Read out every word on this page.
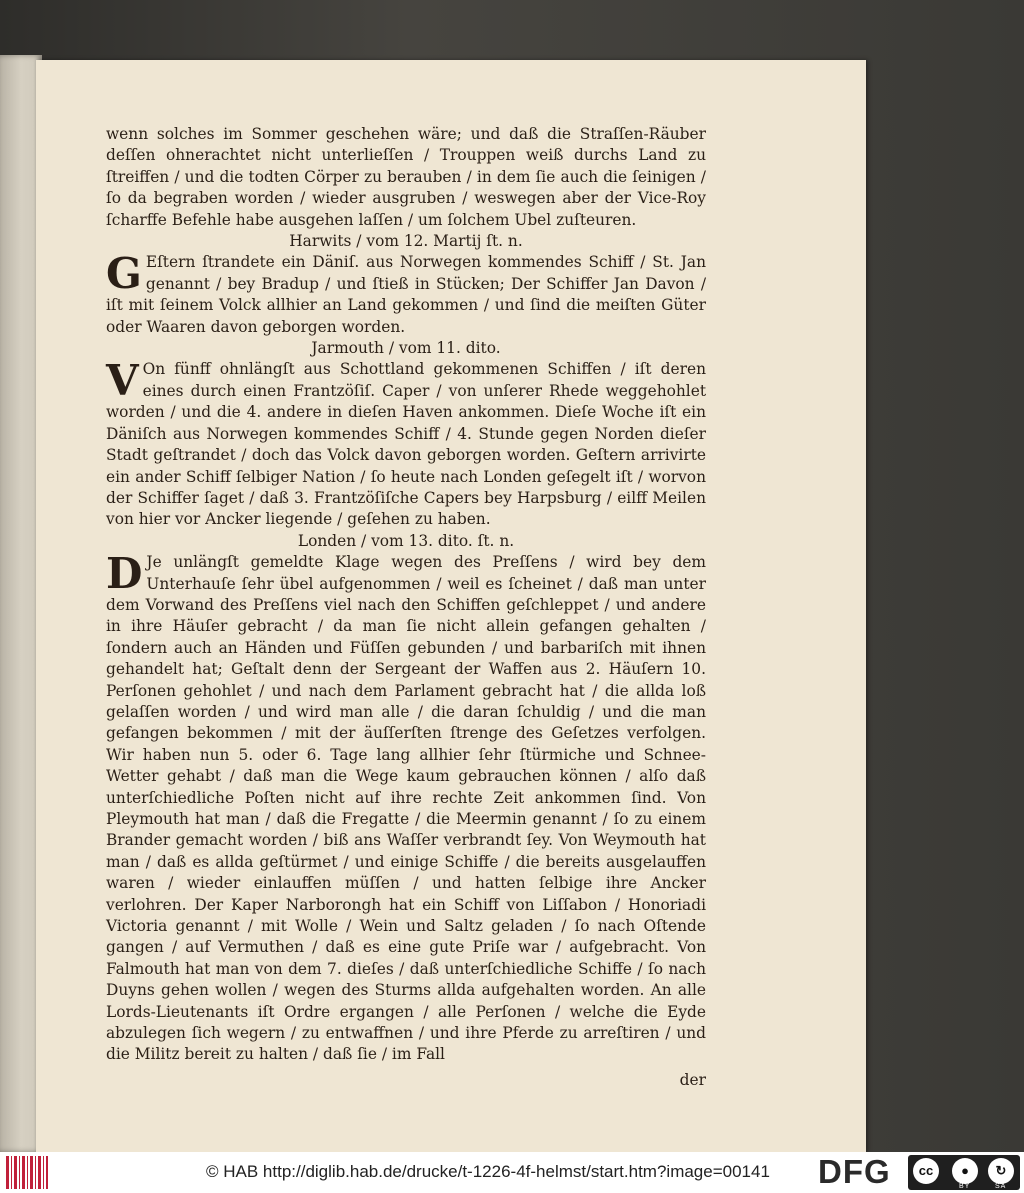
wenn solches im Sommer geschehen wäre; und daß die Straſſen-Räuber deſſen ohnerachtet nicht unterlieſſen / Trouppen weiß durchs Land zu ſtreiffen / und die todten Cörper zu berauben / in dem ſie auch die ſeinigen / ſo da begraben worden / wieder ausgruben / weswegen aber der Vice-Roy ſcharffe Befehle habe ausgehen laſſen / um ſolchem Ubel zuſteuren.

Harwits / vom 12. Martij ſt. n.

G Eſtern ſtrandete ein Däniſ. aus Norwegen kommendes Schiff / St. Jan genannt / bey Bradup / und ſtieß in Stücken; Der Schiffer Jan Davon / iſt mit ſeinem Volck allhier an Land gekommen / und ſind die meiſten Güter oder Waaren davon geborgen worden.

Jarmouth / vom 11. dito.

V On fünff ohnlängſt aus Schottland gekommenen Schiffen / iſt deren eines durch einen Frantzöſiſ. Caper / von unſerer Rhede weggehohlet worden / und die 4. andere in dieſen Haven ankommen. Dieſe Woche iſt ein Däniſch aus Norwegen kommendes Schiff / 4. Stunde gegen Norden dieſer Stadt geſtrandet / doch das Volck davon geborgen worden. Geſtern arrivirte ein ander Schiff ſelbiger Nation / ſo heute nach Londen geſegelt iſt / worvon der Schiffer ſaget / daß 3. Frantzöſiſche Capers bey Harpsburg / eilff Meilen von hier vor Ancker liegende / geſehen zu haben.

Londen / vom 13. dito. ſt. n.

D Je unlängſt gemeldte Klage wegen des Preſſens / wird bey dem Unterhauſe ſehr übel aufgenommen / weil es ſcheinet / daß man unter dem Vorwand des Preſſens viel nach den Schiffen geſchleppet / und andere in ihre Häuſer gebracht / da man ſie nicht allein gefangen gehalten / ſondern auch an Händen und Füſſen gebunden / und barbariſch mit ihnen gehandelt hat; Geſtalt denn der Sergeant der Waffen aus 2. Häuſern 10. Perſonen gehohlet / und nach dem Parlament gebracht hat / die allda loß gelaſſen worden / und wird man alle / die daran ſchuldig / und die man gefangen bekommen / mit der äuſſerſten ſtrenge des Geſetzes verfolgen. Wir haben nun 5. oder 6. Tage lang allhier ſehr ſtürmiche und Schnee-Wetter gehabt / daß man die Wege kaum gebrauchen können / alſo daß unterſchiedliche Poſten nicht auf ihre rechte Zeit ankommen ſind. Von Pleymouth hat man / daß die Fregatte / die Meermin genannt / ſo zu einem Brander gemacht worden / biß ans Waſſer verbrandt ſey. Von Weymouth hat man / daß es allda geſtürmet / und einige Schiffe / die bereits ausgelauffen waren / wieder einlauffen müſſen / und hatten ſelbige ihre Ancker verlohren. Der Kaper Narborongh hat ein Schiff von Liſſabon / Honoriadi Victoria genannt / mit Wolle / Wein und Saltz geladen / ſo nach Oſtende gangen / auf Vermuthen / daß es eine gute Priſe war / aufgebracht. Von Falmouth hat man von dem 7. dieſes / daß unterſchiedliche Schiffe / ſo nach Duyns gehen wollen / wegen des Sturms allda aufgehalten worden. An alle Lords-Lieutenants iſt Ordre ergangen / alle Perſonen / welche die Eyde abzulegen ſich wegern / zu entwaffnen / und ihre Pferde zu arreſtiren / und die Militz bereit zu halten / daß ſie / im Fall

der
© HAB http://diglib.hab.de/drucke/t-1226-4f-helmst/start.htm?image=00141 DFG	cc	●	↻
BY	SA
